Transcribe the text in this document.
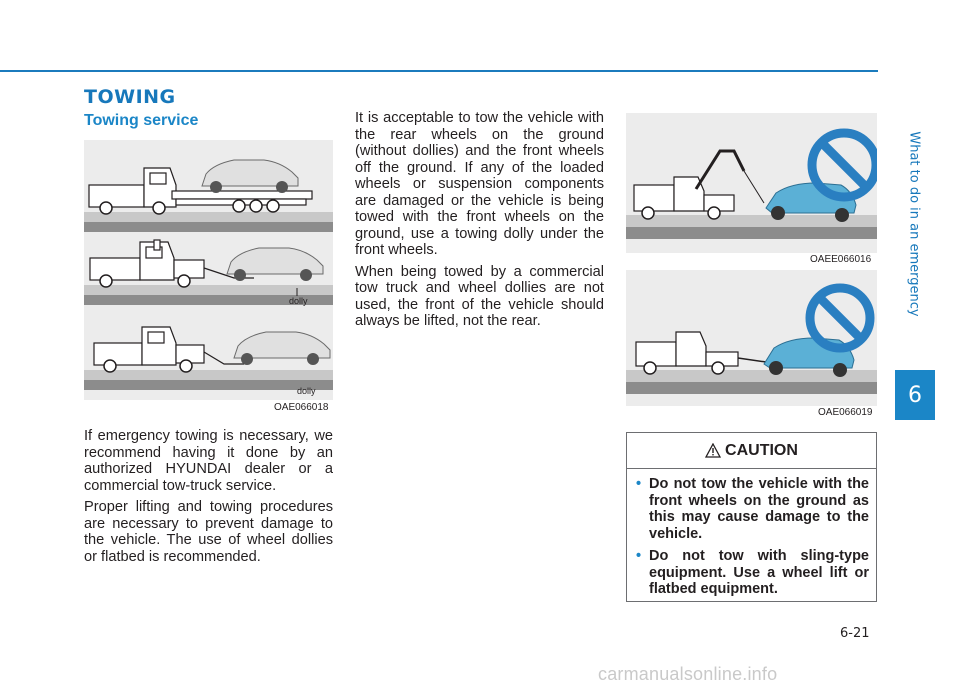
TOWING
Towing service
dolly
dolly
OAE066018

If emergency towing is necessary, we recommend having it done by an authorized HYUNDAI dealer or a commercial tow-truck service.

Proper lifting and towing procedures are necessary to prevent damage to the vehicle. The use of wheel dollies or flatbed is recommended.

It is acceptable to tow the vehicle with the rear wheels on the ground (without dollies) and the front wheels off the ground. If any of the loaded wheels or suspension components are damaged or the vehicle is being towed with the front wheels on the ground, use a towing dolly under the front wheels.

When being towed by a commercial tow truck and wheel dollies are not used, the front of the vehicle should always be lifted, not the rear.

OAEE066016
OAE066019
CAUTION
• Do not tow the vehicle with the front wheels on the ground as this may cause damage to the vehicle.
• Do not tow with sling-type equipment. Use a wheel lift or flatbed equipment.
What to do in an emergency
6
6-21
carmanualsonline.info
